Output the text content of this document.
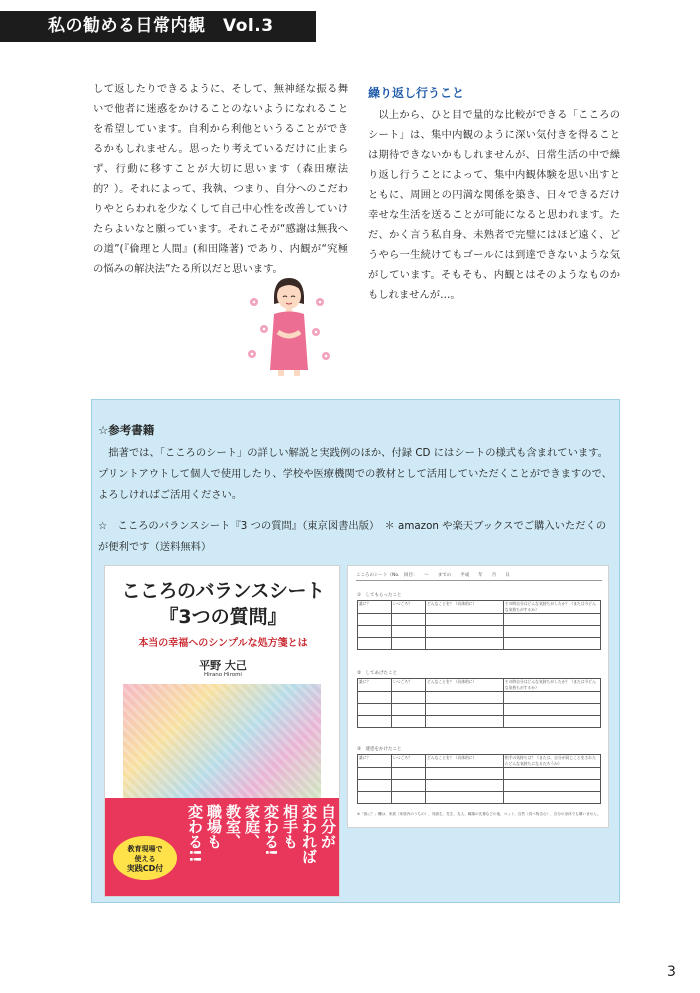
私の勧める日常内観　Vol.3
して返したりできるように、そして、無神経な振る舞いで他者に迷惑をかけることのないようになれることを希望しています。自利から利他というることができるかもしれません。思ったり考えているだけに止まらず、行動に移すことが大切に思います（森田療法的？）。それによって、我執、つまり、自分へのこだわりやとらわれを少なくして自己中心性を改善していけたらよいなと願っています。それこそが“感謝は無我への道”(『倫理と人間』(和田隆著) であり、内観が“究極の悩みの解決法”たる所以だと思います。

繰り返し行うこと

以上から、ひと目で量的な比較ができる「こころのシート」は、集中内観のように深い気付きを得ることは期待できないかもしれませんが、日常生活の中で繰り返し行うことによって、集中内観体験を思い出すとともに、周囲との円満な関係を築き、日々できるだけ幸せな生活を送ることが可能になると思われます。ただ、かく言う私自身、未熟者で完璧にはほど遠く、どうやら一生続けてもゴールには到達できないような気がしています。そもそも、内観とはそのようなものかもしれませんが…。

☆参考書籍
拙著では、「こころのシート」の詳しい解説と実践例のほか、付録 CD にはシートの様式も含まれています。プリントアウトして個人で使用したり、学校や医療機関での教材として活用していただくことができますので、よろしければご活用ください。
☆　こころのバランスシート『3 つの質問』（東京図書出版）　＊ amazon や楽天ブックスでご購入いただくのが便利です（送料無料）
こころのバランスシート
『3つの質問』
本当の幸福へのシンプルな処方箋とは
平野 大己
Hirano Hiromi
教育現場で
使える
実践CD付
自分が
変われば
相手も
変わる!
家庭、
教室、
職場も
変わる!!
こころのシート（No.　回目：　　〜　　までの　　平成　　年　　月　　日
①　してもらったこと
誰に？	いつごろ？	どんなことを？（具体的に）	その時自分はどんな気持ちがしたか？（または今どんな気持ちがするか）

②　してあげたこと
誰に？	いつごろ？	どんなことを？（具体的に）	その時自分はどんな気持ちがしたか？（または今どんな気持ちがするか）

③　迷惑をかけたこと
誰に？	いつごろ？	どんなことを？（具体的に）	相手の気持ちは？（または、自分が同じことをされたらどんな気持ちになるだろうか）

※「誰に？」欄は、家族（家族内のうちの）、同級生、先生、友人、職場の先輩などの他、ペット、自然（食べ物含む）、自分の身体でも構いません。
3
